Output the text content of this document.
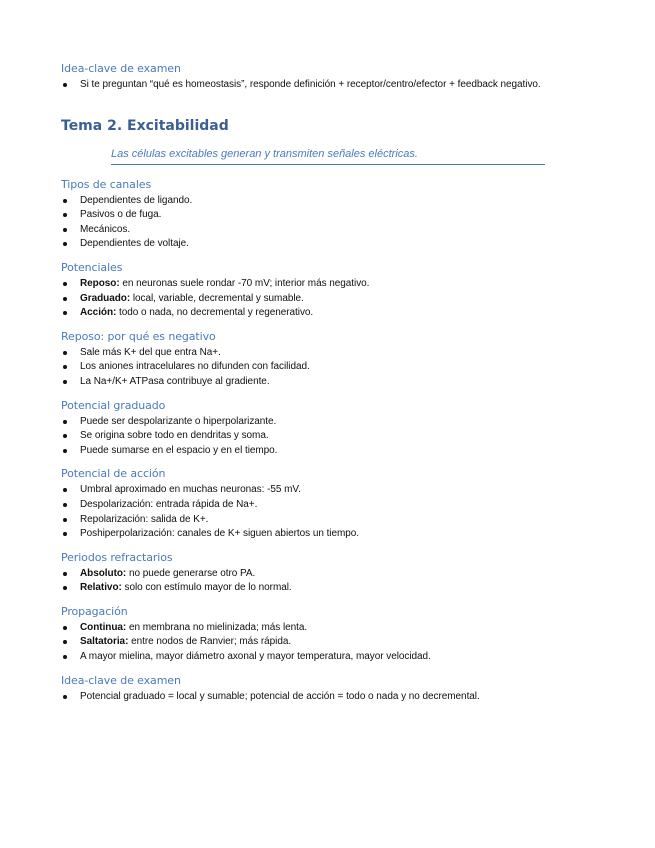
Idea-clave de examen
Si te preguntan “qué es homeostasis”, responde definición + receptor/centro/efector + feedback negativo.
Tema 2. Excitabilidad
Las células excitables generan y transmiten señales eléctricas.
Tipos de canales
Dependientes de ligando.
Pasivos o de fuga.
Mecánicos.
Dependientes de voltaje.
Potenciales
Reposo: en neuronas suele rondar -70 mV; interior más negativo.
Graduado: local, variable, decremental y sumable.
Acción: todo o nada, no decremental y regenerativo.
Reposo: por qué es negativo
Sale más K+ del que entra Na+.
Los aniones intracelulares no difunden con facilidad.
La Na+/K+ ATPasa contribuye al gradiente.
Potencial graduado
Puede ser despolarizante o hiperpolarizante.
Se origina sobre todo en dendritas y soma.
Puede sumarse en el espacio y en el tiempo.
Potencial de acción
Umbral aproximado en muchas neuronas: -55 mV.
Despolarización: entrada rápida de Na+.
Repolarización: salida de K+.
Poshiperpolarización: canales de K+ siguen abiertos un tiempo.
Periodos refractarios
Absoluto: no puede generarse otro PA.
Relativo: solo con estímulo mayor de lo normal.
Propagación
Continua: en membrana no mielinizada; más lenta.
Saltatoria: entre nodos de Ranvier; más rápida.
A mayor mielina, mayor diámetro axonal y mayor temperatura, mayor velocidad.
Idea-clave de examen
Potencial graduado = local y sumable; potencial de acción = todo o nada y no decremental.
